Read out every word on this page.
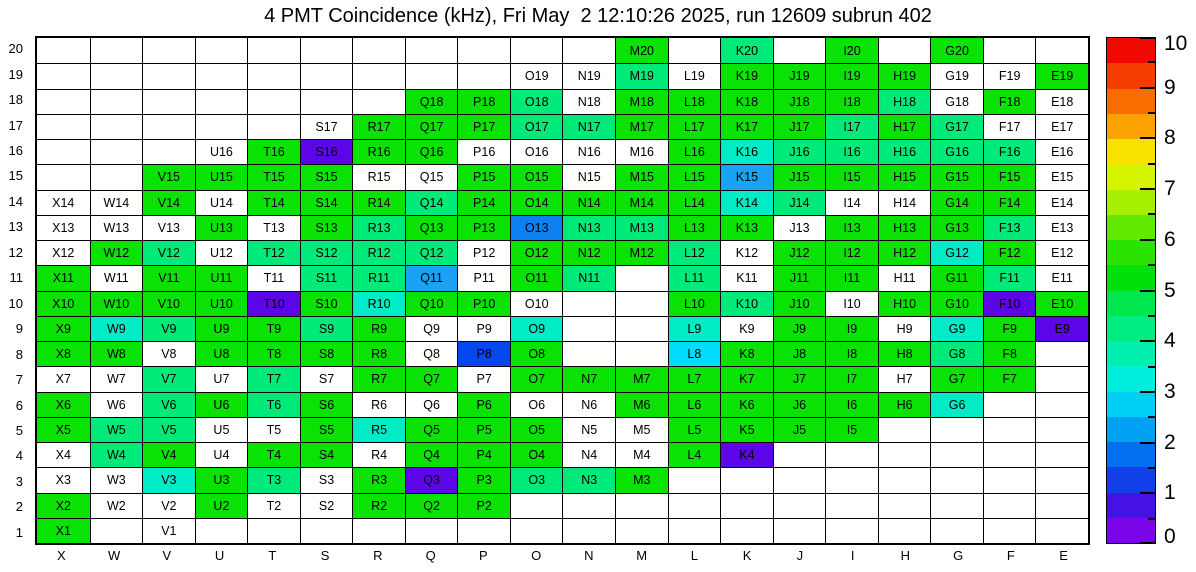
4 PMT Coincidence (kHz), Fri May  2 12:10:26 2025, run 12609 subrun 402
20
19
18
17
16
15
14
13
12
11
10
9
8
7
6
5
4
3
2
1
M20	K20	I20	G20
O19	N19	M19	L19	K19	J19	I19	H19	G19	F19	E19
Q18	P18	O18	N18	M18	L18	K18	J18	I18	H18	G18	F18	E18
S17	R17	Q17	P17	O17	N17	M17	L17	K17	J17	I17	H17	G17	F17	E17
U16	T16	S16	R16	Q16	P16	O16	N16	M16	L16	K16	J16	I16	H16	G16	F16	E16
V15	U15	T15	S15	R15	Q15	P15	O15	N15	M15	L15	K15	J15	I15	H15	G15	F15	E15
X14	W14	V14	U14	T14	S14	R14	Q14	P14	O14	N14	M14	L14	K14	J14	I14	H14	G14	F14	E14
X13	W13	V13	U13	T13	S13	R13	Q13	P13	O13	N13	M13	L13	K13	J13	I13	H13	G13	F13	E13
X12	W12	V12	U12	T12	S12	R12	Q12	P12	O12	N12	M12	L12	K12	J12	I12	H12	G12	F12	E12
X11	W11	V11	U11	T11	S11	R11	Q11	P11	O11	N11	L11	K11	J11	I11	H11	G11	F11	E11
X10	W10	V10	U10	T10	S10	R10	Q10	P10	O10	L10	K10	J10	I10	H10	G10	F10	E10
X9	W9	V9	U9	T9	S9	R9	Q9	P9	O9	L9	K9	J9	I9	H9	G9	F9	E9
X8	W8	V8	U8	T8	S8	R8	Q8	P8	O8	L8	K8	J8	I8	H8	G8	F8
X7	W7	V7	U7	T7	S7	R7	Q7	P7	O7	N7	M7	L7	K7	J7	I7	H7	G7	F7
X6	W6	V6	U6	T6	S6	R6	Q6	P6	O6	N6	M6	L6	K6	J6	I6	H6	G6
X5	W5	V5	U5	T5	S5	R5	Q5	P5	O5	N5	M5	L5	K5	J5	I5
X4	W4	V4	U4	T4	S4	R4	Q4	P4	O4	N4	M4	L4	K4
X3	W3	V3	U3	T3	S3	R3	Q3	P3	O3	N3	M3
X2	W2	V2	U2	T2	S2	R2	Q2	P2
X1	V1
X	W	V	U	T	S	R	Q	P	O	N	M	L	K	J	I	H	G	F	E
10
9
8
7
6
5
4
3
2
1
0
